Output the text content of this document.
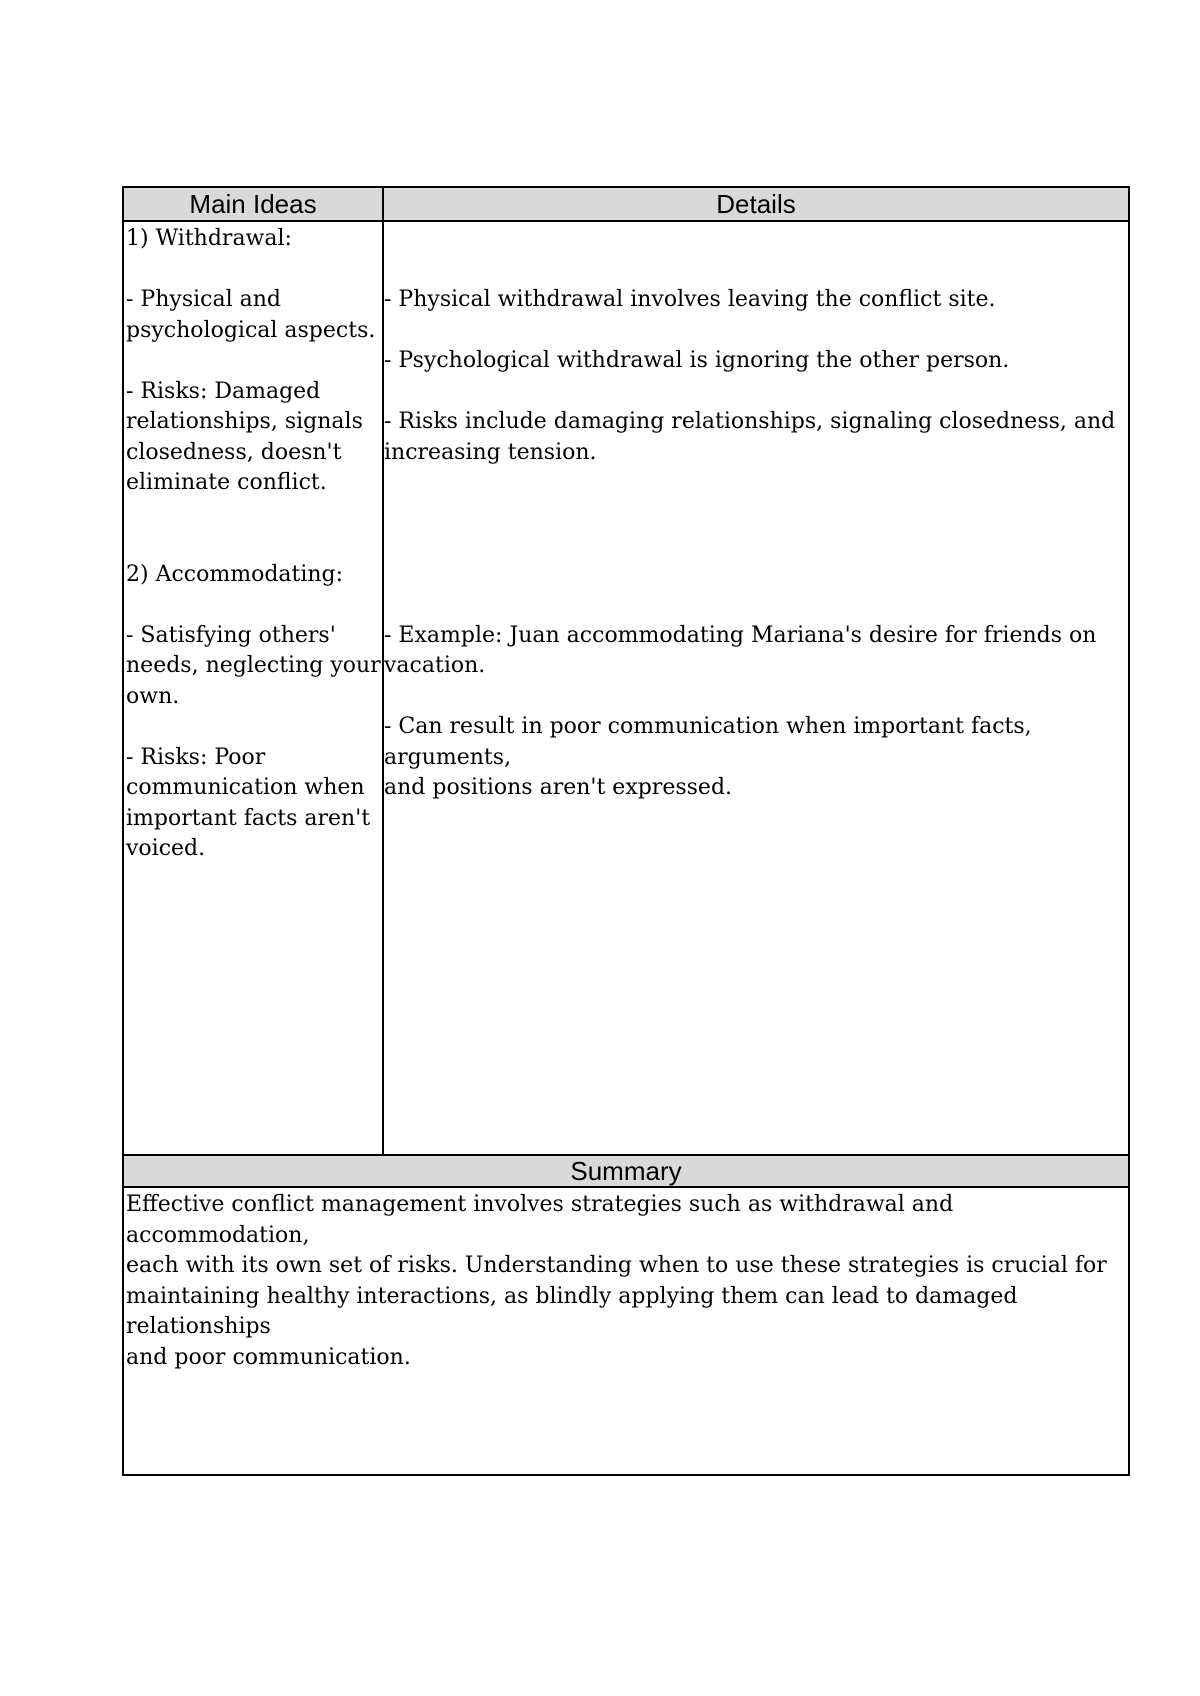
Main Ideas	Details

1) Withdrawal:

- Physical and

psychological aspects.

- Risks: Damaged

relationships, signals

closedness, doesn't

eliminate conflict.

2) Accommodating:

- Satisfying others'

needs, neglecting your

own.

- Risks: Poor

communication when

important facts aren't

voiced.

- Physical withdrawal involves leaving the conflict site.

- Psychological withdrawal is ignoring the other person.

- Risks include damaging relationships, signaling closedness, and

increasing tension.

- Example: Juan accommodating Mariana's desire for friends on

vacation.

- Can result in poor communication when important facts, arguments,

and positions aren't expressed.

Summary

Effective conflict management involves strategies such as withdrawal and accommodation,

each with its own set of risks. Understanding when to use these strategies is crucial for

maintaining healthy interactions, as blindly applying them can lead to damaged relationships

and poor communication.
